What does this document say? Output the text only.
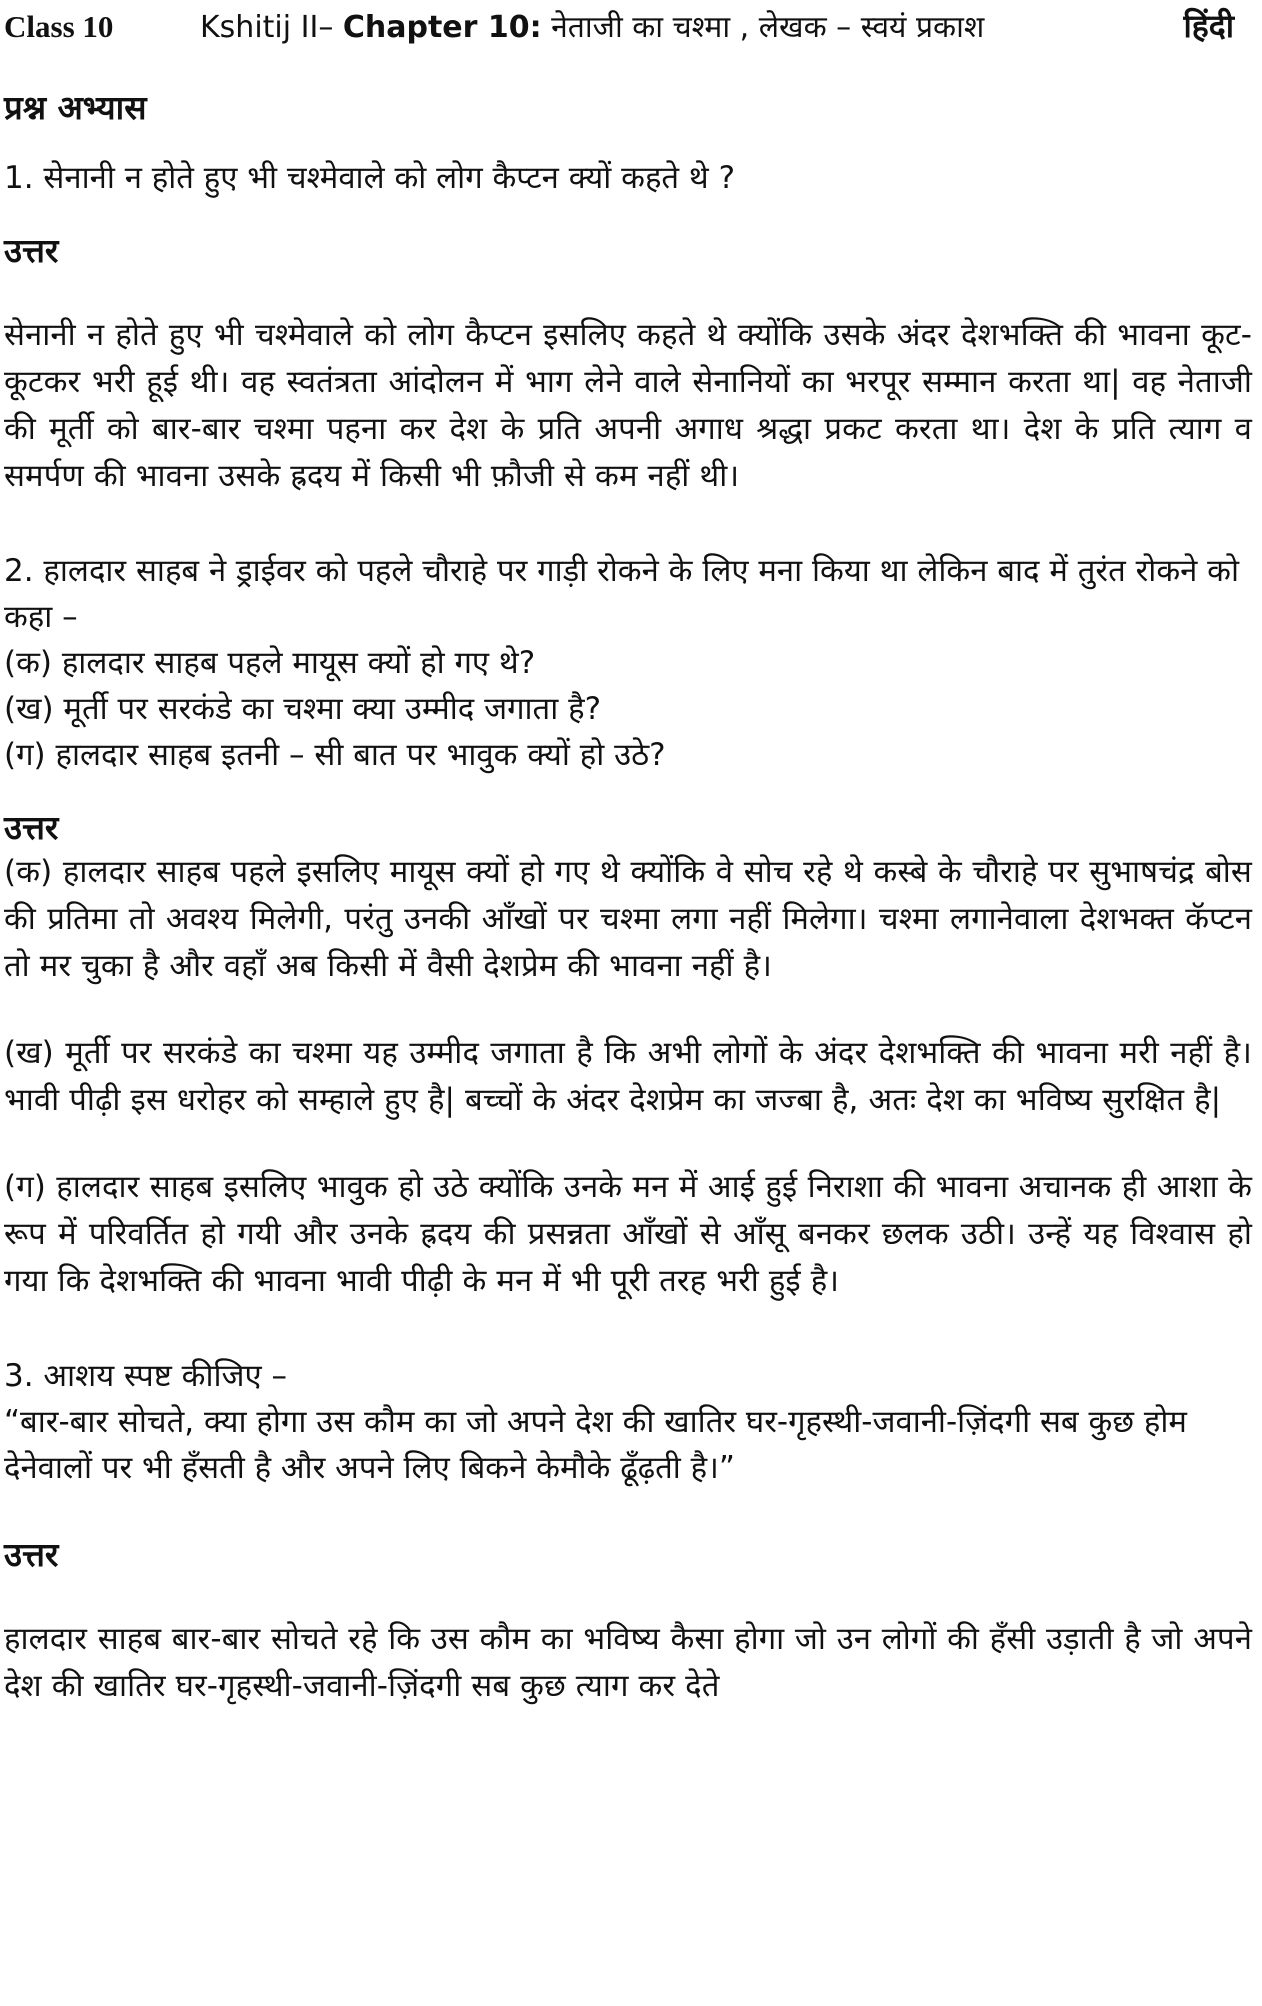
Class 10	Kshitij II– Chapter 10: नेताजी का चश्मा , लेखक – स्वयं प्रकाश	हिंदी

प्रश्न अभ्यास

1. सेनानी न होते हुए भी चश्मेवाले को लोग कैप्टन क्यों कहते थे ?

उत्तर

सेनानी न होते हुए भी चश्मेवाले को लोग कैप्टन इसलिए कहते थे क्योंकि उसके अंदर देशभक्ति की भावना कूट-कूटकर भरी हूई थी। वह स्वतंत्रता आंदोलन में भाग लेने वाले सेनानियों का भरपूर सम्मान करता था| वह नेताजी की मूर्ती को बार-बार चश्मा पहना कर देश के प्रति अपनी अगाध श्रद्धा प्रकट करता था। देश के प्रति त्याग व समर्पण की भावना उसके ह्रदय में किसी भी फ़ौजी से कम नहीं थी।

2. हालदार साहब ने ड्राईवर को पहले चौराहे पर गाड़ी रोकने के लिए मना किया था लेकिन बाद में तुरंत रोकने को कहा –

(क) हालदार साहब पहले मायूस क्यों हो गए थे?

(ख) मूर्ती पर सरकंडे का चश्मा क्या उम्मीद जगाता है?

(ग) हालदार साहब इतनी – सी बात पर भावुक क्यों हो उठे?

उत्तर

(क) हालदार साहब पहले इसलिए मायूस क्यों हो गए थे क्योंकि वे सोच रहे थे कस्बे के चौराहे पर सुभाषचंद्र बोस की प्रतिमा तो अवश्य मिलेगी, परंतु उनकी आँखों पर चश्मा लगा नहीं मिलेगा। चश्मा लगानेवाला देशभक्त कॅप्टन तो मर चुका है और वहाँ अब किसी में वैसी देशप्रेम की भावना नहीं है।

(ख) मूर्ती पर सरकंडे का चश्मा यह उम्मीद जगाता है कि अभी लोगों के अंदर देशभक्ति की भावना मरी नहीं है। भावी पीढ़ी इस धरोहर को सम्हाले हुए है| बच्चों के अंदर देशप्रेम का जज्बा है, अतः देश का भविष्य सुरक्षित है|

(ग) हालदार साहब इसलिए भावुक हो उठे क्योंकि उनके मन में आई हुई निराशा की भावना अचानक ही आशा के रूप में परिवर्तित हो गयी और उनके ह्रदय की प्रसन्नता आँखों से आँसू बनकर छलक उठी। उन्हें यह विश्वास हो गया कि देशभक्ति की भावना भावी पीढ़ी के मन में भी पूरी तरह भरी हुई है।

3. आशय स्पष्ट कीजिए –

“बार-बार सोचते, क्या होगा उस कौम का जो अपने देश की खातिर घर-गृहस्थी-जवानी-ज़िंदगी सब कुछ होम देनेवालों पर भी हँसती है और अपने लिए बिकने केमौके ढूँढ़ती है।”

उत्तर

हालदार साहब बार-बार सोचते रहे कि उस कौम का भविष्य कैसा होगा जो उन लोगों की हँसी उड़ाती है जो अपने देश की खातिर घर-गृहस्थी-जवानी-ज़िंदगी सब कुछ त्याग कर देते
